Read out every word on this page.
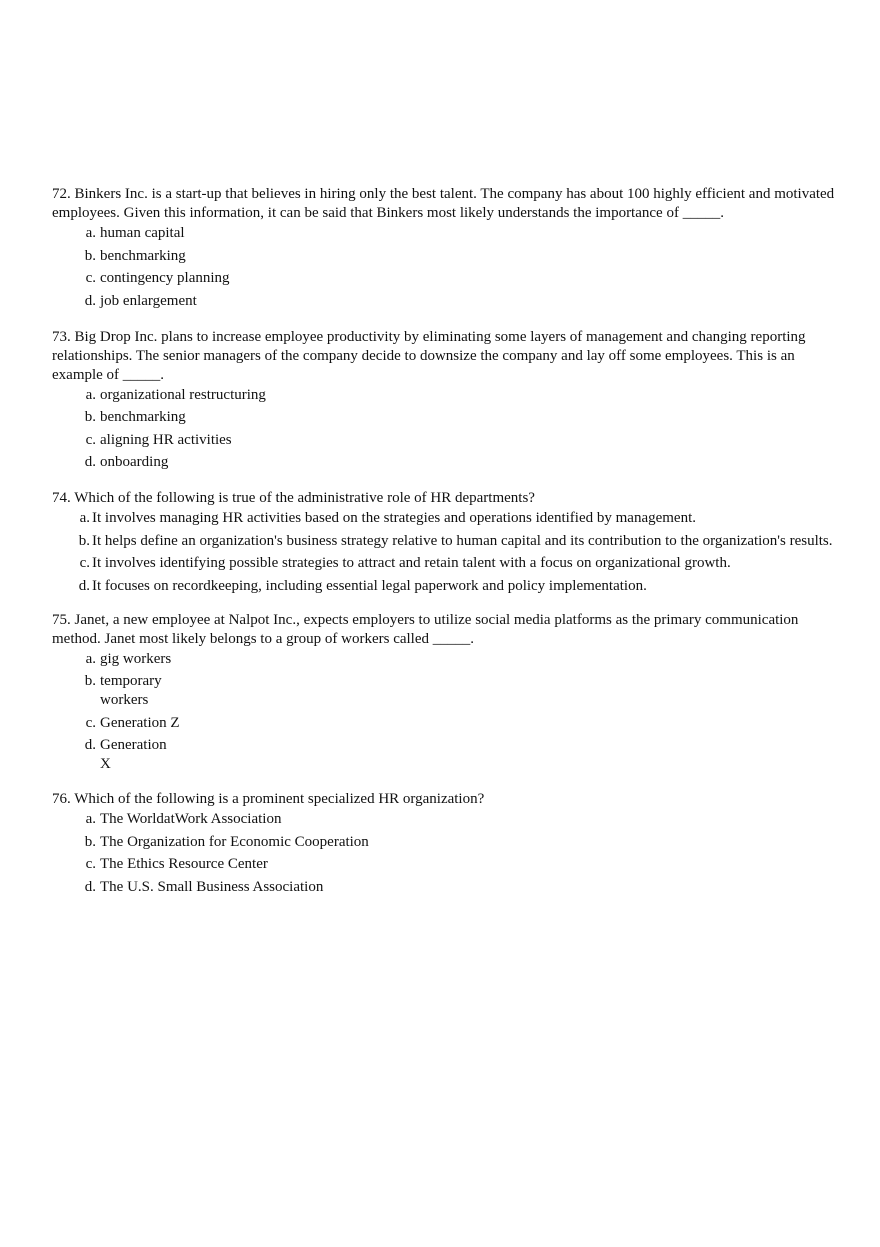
72. Binkers Inc. is a start-up that believes in hiring only the best talent. The company has about 100 highly efficient and motivated employees. Given this information, it can be said that Binkers most likely understands the importance of _____.

a. human capital
b. benchmarking
c. contingency planning
d. job enlargement

73. Big Drop Inc. plans to increase employee productivity by eliminating some layers of management and changing reporting relationships. The senior managers of the company decide to downsize the company and lay off some employees. This is an example of _____.

a. organizational restructuring
b. benchmarking
c. aligning HR activities
d. onboarding

74. Which of the following is true of the administrative role of HR departments?

a. It involves managing HR activities based on the strategies and operations identified by management.
b. It helps define an organization's business strategy relative to human capital and its contribution to the organization's results.
c. It involves identifying possible strategies to attract and retain talent with a focus on organizational growth.
d. It focuses on recordkeeping, including essential legal paperwork and policy implementation.

75. Janet, a new employee at Nalpot Inc., expects employers to utilize social media platforms as the primary communication method. Janet most likely belongs to a group of workers called _____.

a. gig workers
b. temporary workers
c. Generation Z
d. Generation X

76. Which of the following is a prominent specialized HR organization?

a. The WorldatWork Association
b. The Organization for Economic Cooperation
c. The Ethics Resource Center
d. The U.S. Small Business Association
